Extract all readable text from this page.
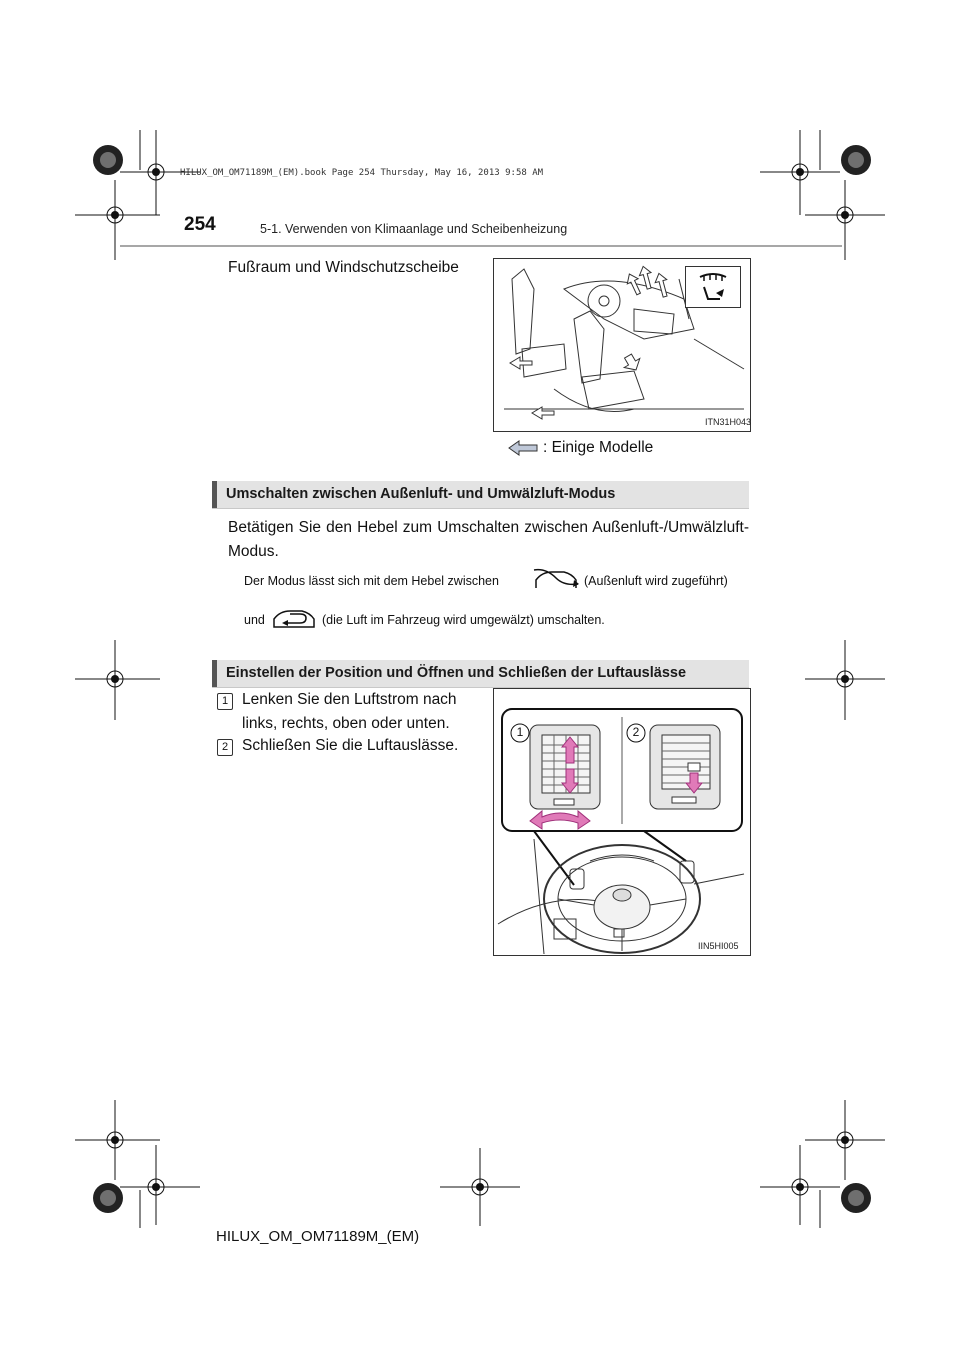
HILUX_OM_OM71189M_(EM).book Page 254 Thursday, May 16, 2013 9:58 AM
254	5-1. Verwenden von Klimaanlage und Scheibenheizung
Fußraum und Windschutzscheibe
ITN31H043
: Einige Modelle
Umschalten zwischen Außenluft- und Umwälzluft-Modus
Betätigen Sie den Hebel zum Umschalten zwischen Außenluft-/Umwälzluft-Modus.
Der Modus lässt sich mit dem Hebel zwischen	(Außenluft wird zugeführt)
und	(die Luft im Fahrzeug wird umgewälzt) umschalten.
Einstellen der Position und Öffnen und Schließen der Luftauslässe
1 Lenken Sie den Luftstrom nach
links, rechts, oben oder unten.
2 Schließen Sie die Luftauslässe.
1	2
IIN5HI005
HILUX_OM_OM71189M_(EM)
